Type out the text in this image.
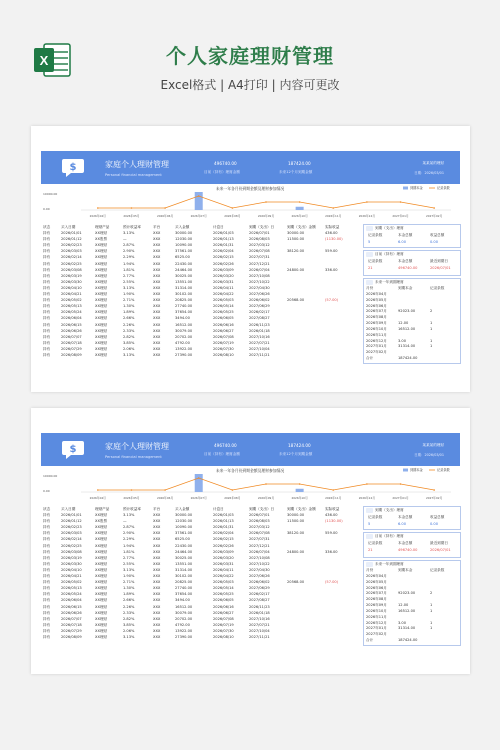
X	个人家庭理财管理
Excel格式 | A4打印 | 内容可更改
$	家庭个人理财管理
Personal financial management
496740.00
目前（持有）理财金额
187424.00
未来12个月到期金额
某某某的理财
日期：2026/03/01
未来一年各月份到期金额及理财参加情况	到期本金	记录条数
10000.00
0.00
2026年04月	2026年05月	2026年06月	2026年07月	2026年08月	2026年09月	2026年10月	2026年11月	2026年12月	2027年01月	2027年02月
状态	买入日期	理财产品	预计收益率	平台	买入金额	计息日	到期（支出）日	到期（支出）金额	实际收益
持有	2026/01/01	XX理财	3.13%	XXX	30000.00	2026/01/03	2026/07/01	30000.00	436.00
持有	2026/01/12	XX股票	—	XXX	12030.00	2026/01/13	2026/08/03	11500.00	(1130.00)
持有	2026/02/23	XX理财	2.87%	XXX	10090.00	2026/01/31	2027/03/12		
持有	2026/03/03	XX理财	2.90%	XXX	37561.00	2026/02/04	2026/07/08	38120.00	559.00
持有	2026/02/14	XX理财	2.29%	XXX	6525.00	2026/02/15	2027/07/31		
持有	2026/02/25	XX理财	1.94%	XXX	22430.00	2026/02/26	2027/12/21		
持有	2026/03/08	XX理财	1.81%	XXX	24464.00	2026/03/09	2026/07/04	24800.00	336.00
持有	2026/03/19	XX理财	2.77%	XXX	30025.00	2026/03/20	2027/10/08		
持有	2026/03/30	XX理财	2.55%	XXX	13551.00	2026/03/31	2027/10/22		
持有	2026/04/10	XX理财	3.13%	XXX	31314.00	2026/04/11	2027/04/30		
持有	2026/04/21	XX理财	1.90%	XXX	30102.00	2026/04/22	2027/06/26		
持有	2026/05/02	XX理财	2.71%	XXX	20825.00	2026/05/03	2026/06/02	20568.00	(57.00)
持有	2026/05/13	XX理财	1.30%	XXX	27740.00	2026/05/14	2027/06/29		
持有	2026/05/24	XX理财	1.89%	XXX	37654.00	2026/05/25	2026/02/17		
持有	2026/06/04	XX理财	2.66%	XXX	3494.00	2026/06/05	2027/08/27		
持有	2026/06/15	XX理财	2.26%	XXX	16512.00	2026/06/16	2026/11/23		
持有	2026/06/26	XX理财	2.33%	XXX	30079.00	2026/06/27	2026/01/18		
持有	2026/07/07	XX理财	2.82%	XXX	20702.00	2026/07/08	2027/10/16		
持有	2026/07/18	XX理财	3.85%	XXX	4792.00	2026/07/19	2027/07/21		
持有	2026/07/29	XX理财	2.06%	XXX	13922.00	2026/07/30	2027/10/04		
持有	2026/08/09	XX理财	3.13%	XXX	27390.00	2026/08/10	2027/11/21		
到期（支出）理财
记录条数	本金总额	收益总额
5	6.00	0.00
目前（持有）理财
记录条数	本金总额	最近到期日
21	496740.00	2026/07/01
未来一年到期理财
月份	到期本金	记录条数
2026年04月		
2026年05月		
2026年06月		
2026年07月	92023.00	2
2026年08月		
2026年09月	12.00	1
2026年10月	16512.00	1
2026年11月		
2026年12月	3.00	1
2027年01月	31314.00	1
2027年02月		
合计	187424.00	
$	家庭个人理财管理
Personal financial management
496740.00
目前（持有）理财金额
187424.00
未来12个月到期金额
某某某的理财
日期：2026/03/01
未来一年各月份到期金额及理财参加情况	到期本金	记录条数
10000.00
0.00
2026年04月	2026年05月	2026年06月	2026年07月	2026年08月	2026年09月	2026年10月	2026年11月	2026年12月	2027年01月	2027年02月
状态	买入日期	理财产品	预计收益率	平台	买入金额	计息日	到期（支出）日	到期（支出）金额	实际收益
持有	2026/01/01	XX理财	3.13%	XXX	30000.00	2026/01/03	2026/07/01	30000.00	436.00
持有	2026/01/12	XX股票	—	XXX	12030.00	2026/01/13	2026/08/03	11500.00	(1130.00)
持有	2026/02/23	XX理财	2.87%	XXX	10090.00	2026/01/31	2027/03/12		
持有	2026/03/03	XX理财	2.90%	XXX	37561.00	2026/02/04	2026/07/08	38120.00	559.00
持有	2026/02/14	XX理财	2.29%	XXX	6525.00	2026/02/15	2027/07/31		
持有	2026/02/25	XX理财	1.94%	XXX	22430.00	2026/02/26	2027/12/21		
持有	2026/03/08	XX理财	1.81%	XXX	24464.00	2026/03/09	2026/07/04	24800.00	336.00
持有	2026/03/19	XX理财	2.77%	XXX	30025.00	2026/03/20	2027/10/08		
持有	2026/03/30	XX理财	2.55%	XXX	13551.00	2026/03/31	2027/10/22		
持有	2026/04/10	XX理财	3.13%	XXX	31314.00	2026/04/11	2027/04/30		
持有	2026/04/21	XX理财	1.90%	XXX	30102.00	2026/04/22	2027/06/26		
持有	2026/05/02	XX理财	2.71%	XXX	20825.00	2026/05/03	2026/06/02	20568.00	(57.00)
持有	2026/05/13	XX理财	1.30%	XXX	27740.00	2026/05/14	2027/06/29		
持有	2026/05/24	XX理财	1.89%	XXX	37654.00	2026/05/25	2026/02/17		
持有	2026/06/04	XX理财	2.66%	XXX	3494.00	2026/06/05	2027/08/27		
持有	2026/06/15	XX理财	2.26%	XXX	16512.00	2026/06/16	2026/11/23		
持有	2026/06/26	XX理财	2.33%	XXX	30079.00	2026/06/27	2026/01/18		
持有	2026/07/07	XX理财	2.82%	XXX	20702.00	2026/07/08	2027/10/16		
持有	2026/07/18	XX理财	3.85%	XXX	4792.00	2026/07/19	2027/07/21		
持有	2026/07/29	XX理财	2.06%	XXX	13922.00	2026/07/30	2027/10/04		
持有	2026/08/09	XX理财	3.13%	XXX	27390.00	2026/08/10	2027/11/21		
到期（支出）理财
记录条数	本金总额	收益总额
5	6.00	0.00
目前（持有）理财
记录条数	本金总额	最近到期日
21	496740.00	2026/07/01
未来一年到期理财
月份	到期本金	记录条数
2026年04月		
2026年05月		
2026年06月		
2026年07月	92023.00	2
2026年08月		
2026年09月	12.00	1
2026年10月	16512.00	1
2026年11月		
2026年12月	3.00	1
2027年01月	31314.00	1
2027年02月		
合计	187424.00	
